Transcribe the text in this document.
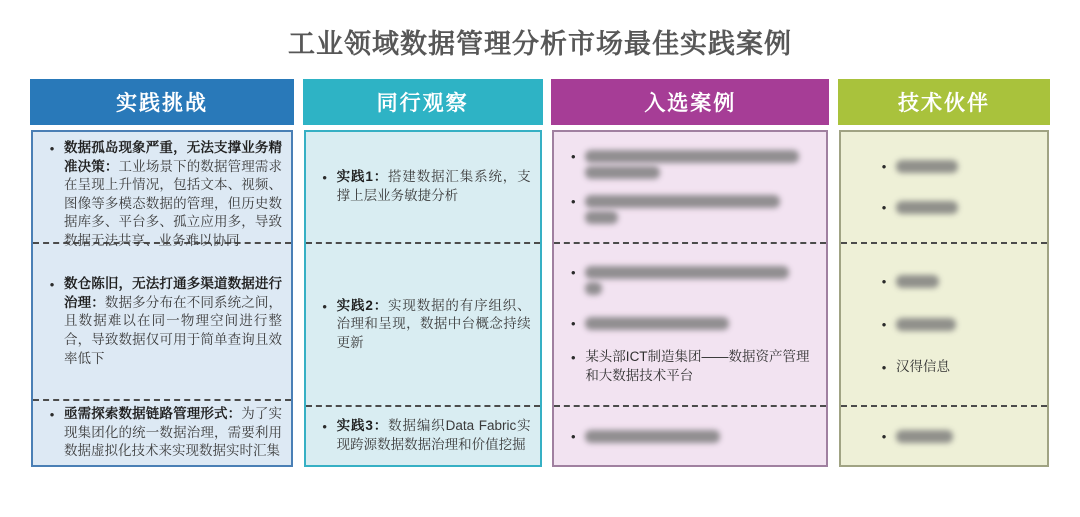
工业领域数据管理分析市场最佳实践案例
实践挑战
• 数据孤岛现象严重，无法支撑业务精准决策：工业场景下的数据管理需求在呈现上升情况，包括文本、视频、图像等多模态数据的管理，但历史数据库多、平台多、孤立应用多，导致数据无法共享、业务难以协同
• 数仓陈旧，无法打通多渠道数据进行治理：数据多分布在不同系统之间，且数据难以在同一物理空间进行整合，导致数据仅可用于简单查询且效率低下
• 亟需探索数据链路管理形式：为了实现集团化的统一数据治理，需要利用数据虚拟化技术来实现数据实时汇集
同行观察
• 实践1：搭建数据汇集系统，支撑上层业务敏捷分析
• 实践2：实现数据的有序组织、治理和呈现，数据中台概念持续更新
• 实践3：数据编织Data Fabric实现跨源数据数据治理和价值挖掘
入选案例
•
•
•
•
• 某头部ICT制造集团——数据资产管理和大数据技术平台
•
技术伙伴
•
•
•
•
• 汉得信息
•
